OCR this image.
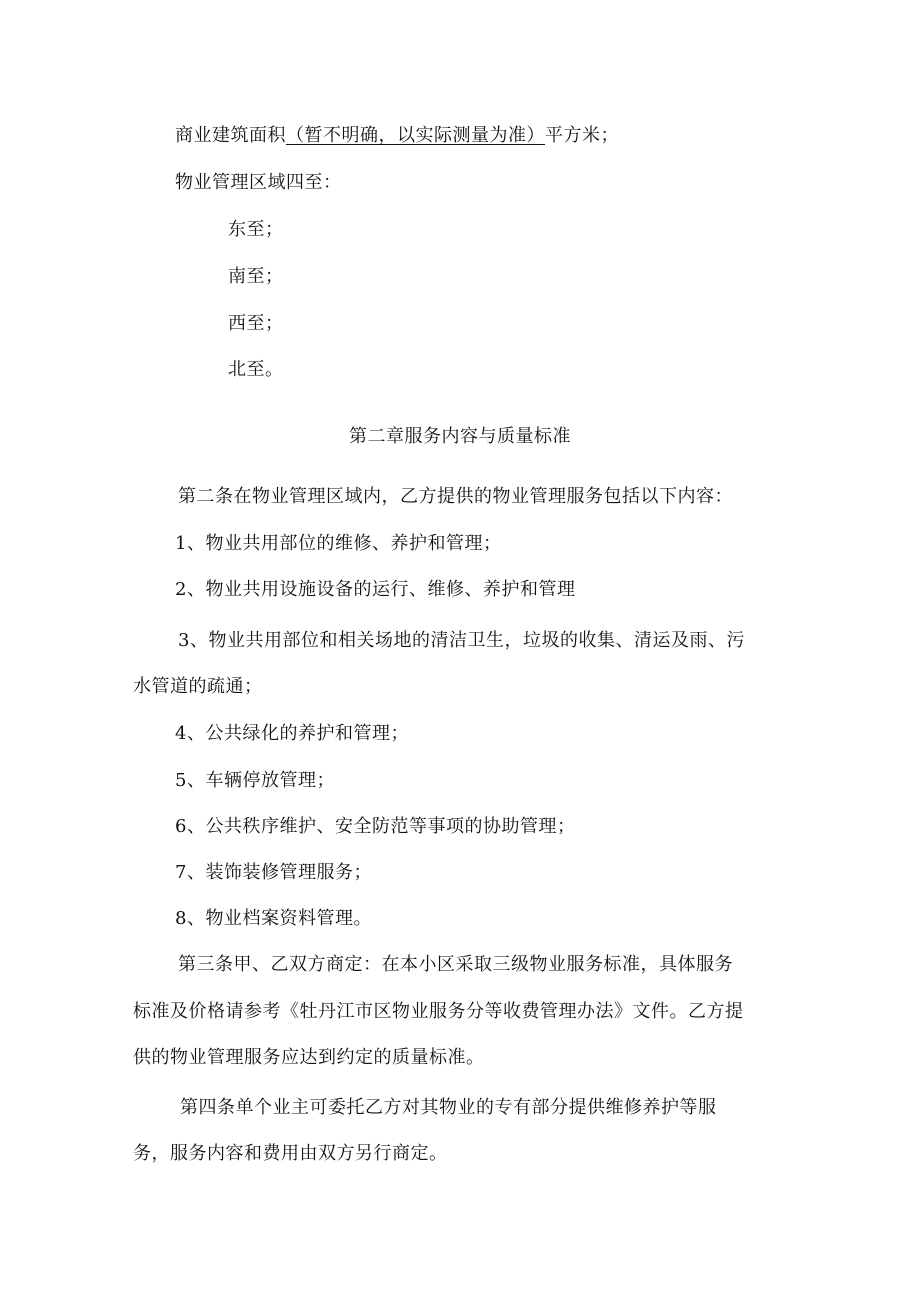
商业建筑面积（暂不明确，以实际测量为准）平方米；
物业管理区域四至：
东至；
南至；
西至；
北至。
第二章服务内容与质量标准
第二条在物业管理区域内，乙方提供的物业管理服务包括以下内容：
1、物业共用部位的维修、养护和管理；
2、物业共用设施设备的运行、维修、养护和管理
3、物业共用部位和相关场地的清洁卫生，垃圾的收集、清运及雨、污
水管道的疏通；
4、公共绿化的养护和管理；
5、车辆停放管理；
6、公共秩序维护、安全防范等事项的协助管理；
7、装饰装修管理服务；
8、物业档案资料管理。
第三条甲、乙双方商定：在本小区采取三级物业服务标准，具体服务
标准及价格请参考《牡丹江市区物业服务分等收费管理办法》文件。乙方提
供的物业管理服务应达到约定的质量标准。
第四条单个业主可委托乙方对其物业的专有部分提供维修养护等服
务，服务内容和费用由双方另行商定。
